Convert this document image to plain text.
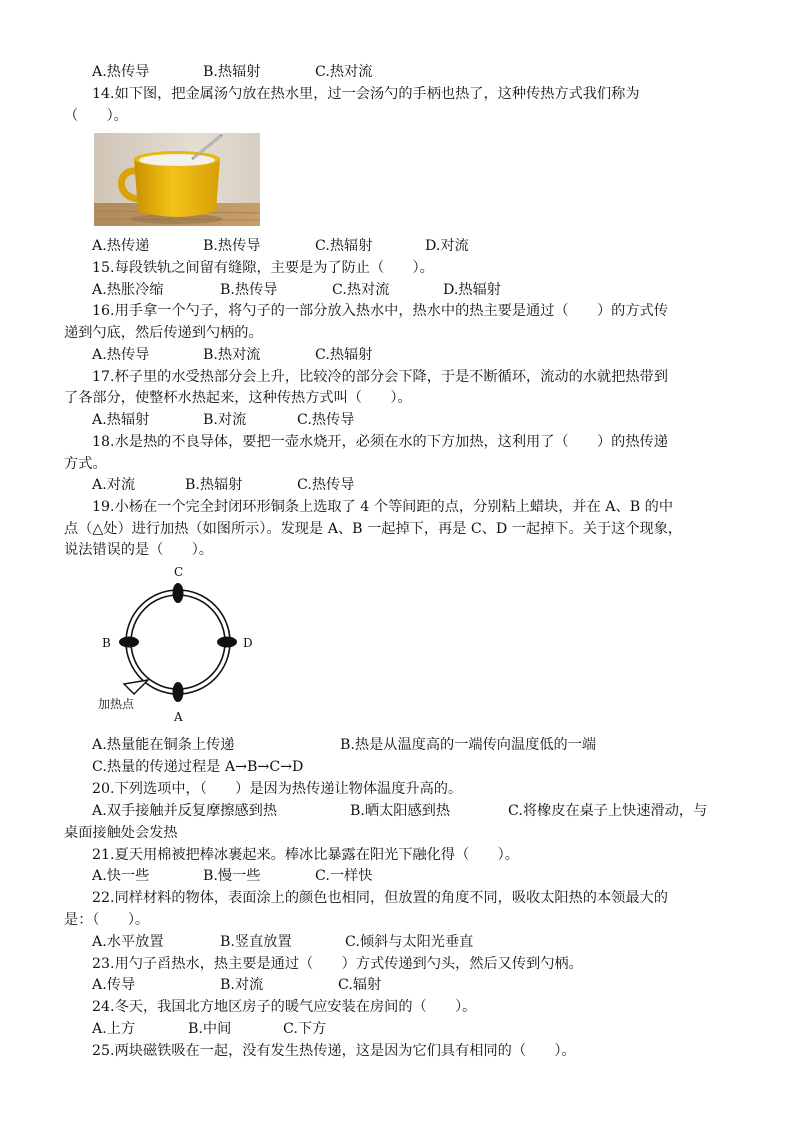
A.热传导	B.热辐射	C.热对流
14.如下图，把金属汤勺放在热水里，过一会汤勺的手柄也热了，这种传热方式我们称为
（　　）。
A.热传递	B.热传导	C.热辐射	D.对流
15.每段铁轨之间留有缝隙，主要是为了防止（　　）。
A.热胀冷缩	B.热传导	C.热对流	D.热辐射
16.用手拿一个勺子，将勺子的一部分放入热水中，热水中的热主要是通过（　　）的方式传
递到勺底，然后传递到勺柄的。
A.热传导	B.热对流	C.热辐射
17.杯子里的水受热部分会上升，比较冷的部分会下降，于是不断循环，流动的水就把热带到
了各部分，使整杯水热起来，这种传热方式叫（　　）。
A.热辐射	B.对流	C.热传导
18.水是热的不良导体，要把一壶水烧开，必须在水的下方加热，这利用了（　　）的热传递
方式。
A.对流	B.热辐射	C.热传导
19.小杨在一个完全封闭环形铜条上选取了 4 个等间距的点，分别粘上蜡块，并在 A、B 的中
点（△处）进行加热（如图所示）。发现是 A、B 一起掉下，再是 C、D 一起掉下。关于这个现象，
说法错误的是（　　）。
C
A
B	D
加热点
A.热量能在铜条上传递	B.热是从温度高的一端传向温度低的一端
C.热量的传递过程是 A→B→C→D
20.下列选项中，（　　）是因为热传递让物体温度升高的。
A.双手接触并反复摩擦感到热	B.晒太阳感到热	C.将橡皮在桌子上快速滑动，与
桌面接触处会发热
21.夏天用棉被把棒冰裹起来。棒冰比暴露在阳光下融化得（　　）。
A.快一些	B.慢一些	C.一样快
22.同样材料的物体，表面涂上的颜色也相同，但放置的角度不同，吸收太阳热的本领最大的
是：（　　）。
A.水平放置	B.竖直放置	C.倾斜与太阳光垂直
23.用勺子舀热水，热主要是通过（　　）方式传递到勺头，然后又传到勺柄。
A.传导	B.对流	C.辐射
24.冬天，我国北方地区房子的暖气应安装在房间的（　　）。
A.上方	B.中间	C.下方
25.两块磁铁吸在一起，没有发生热传递，这是因为它们具有相同的（　　）。
